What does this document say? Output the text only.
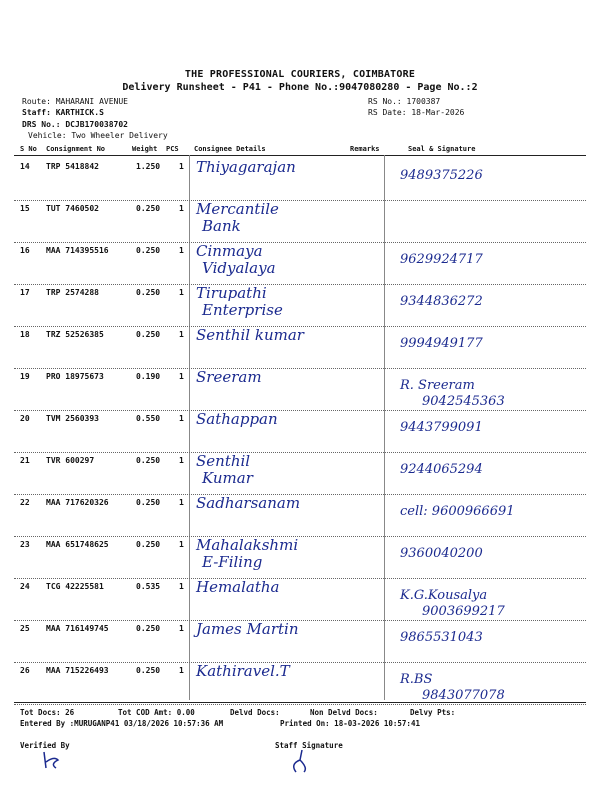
THE PROFESSIONAL COURIERS, COIMBATORE
Delivery Runsheet - P41 - Phone No.:9047080280 - Page No.:2
Route: MAHARANI AVENUE
Staff: KARTHICK.S
DRS No.: DCJB170038702
Vehicle: Two Wheeler Delivery
RS No.: 1700387
RS Date: 18-Mar-2026
S No Consignment No	Weight PCS Consignee Details	Remarks	Seal & Signature
14 TRP 5418842	1.250 1 Thiyagarajan	9489375226
15 TUT 7460502	0.250 1 Mercantile
Bank
16 MAA 714395516	0.250 1 Cinmaya
Vidyalaya	9629924717
17 TRP 2574288	0.250 1 Tirupathi
Enterprise	9344836272
18 TRZ 52526385	0.250 1 Senthil kumar	9994949177
19 PRO 18975673	0.190 1 Sreeram	R. Sreeram
9042545363
20 TVM 2560393	0.550 1 Sathappan	9443799091
21 TVR 600297	0.250 1 Senthil
Kumar	9244065294
22 MAA 717620326	0.250 1 Sadharsanam	cell: 9600966691
23 MAA 651748625	0.250 1 Mahalakshmi
E-Filing	9360040200
24 TCG 42225581	0.535 1 Hemalatha	K.G.Kousalya
9003699217
25 MAA 716149745	0.250 1 James Martin	9865531043
26 MAA 715226493	0.250 1 Kathiravel.T	R.BS
9843077078
Tot Docs: 26	Tot COD Amt: 0.00	Delvd Docs:	Non Delvd Docs:	Delvy Pts:
Entered By :MURUGANP41 03/18/2026 10:57:36 AM	Printed On: 18-03-2026 10:57:41
Verified By	Staff Signature
